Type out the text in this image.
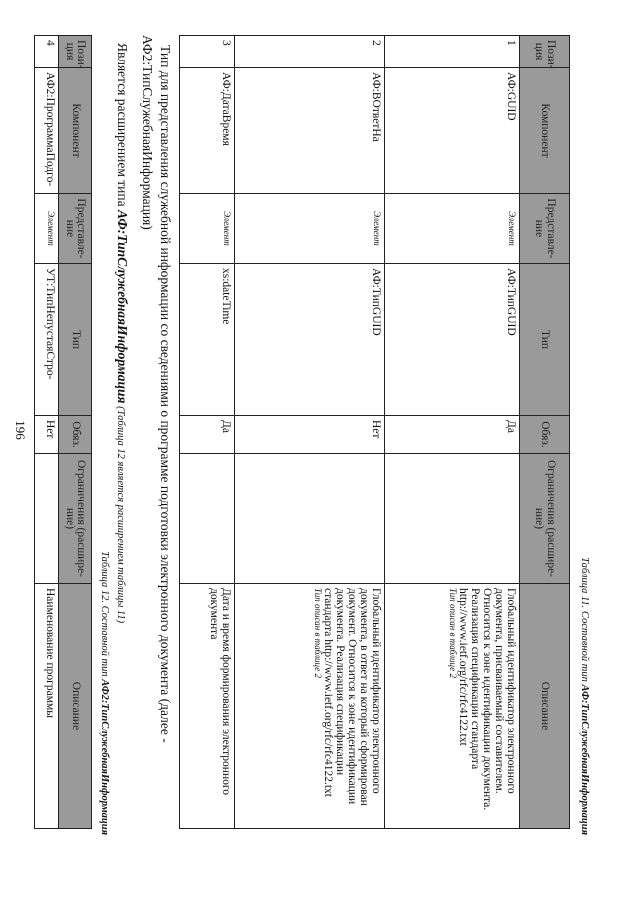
196
Таблица 11. Составной тип АФ:ТипСлужебнаяИнформация
Пози-ция	Компонент	Представле-ние	Тип	Обяз.	Ограничения (расшире-ние)	Описание
1	АФ:GUID	Элемент	АФ:ТипGUID	Да		Глобальный идентификатор электронного документа, присваиваемый составителем. Относится к зоне идентификации документа. Реализация спецификации стандарта http://www.ietf.org/rfc/rfc4122.txt
Тип описан в таблице 2

2	АФ:ВОтветНа	Элемент	АФ:ТипGUID	Нет		Глобальный идентификатор электронного документа, в ответ на который сформирован документ. Относится к зоне идентификации документа. Реализация спецификации стандарта http://www.ietf.org/rfc/rfc4122.txt
Тип описан в таблице 2

3	АФ:ДатаВремя	Элемент	xs:dateTime	Да		Дата и время формирования электронного документа
Тип для представления служебной информации со сведениями о программе подготовки электронного документа (далее - АФ2:ТипСлужебнаяИнформация)
Является расширением типа АФ:ТипСлужебнаяИнформация (Таблица 12 является расширением таблицы 11)
Таблица 12. Составной тип АФ2:ТипСлужебнаяИнформация
Пози-ция	Компонент	Представле-ние	Тип	Обяз.	Ограничения (расшире-ние)	Описание
4	АФ2:ПрограммаПодго-	Элемент	УТ:ТипНепустаяСтро-	Нет		Наименование программы
